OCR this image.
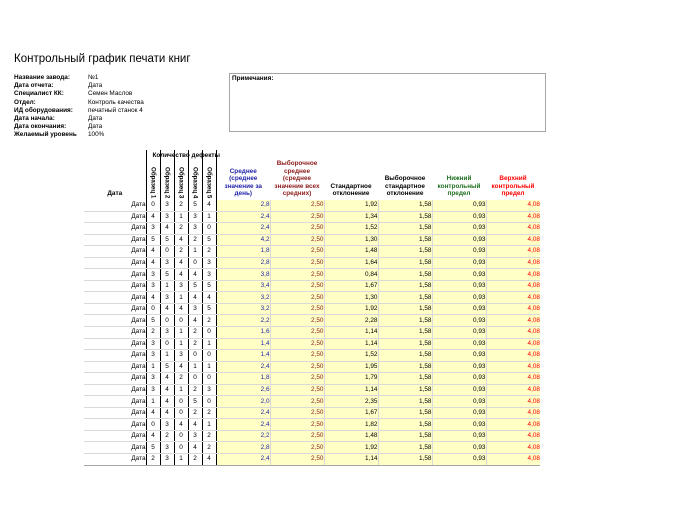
Контрольный график печати книг
Название завода:	№1
Дата отчета:	Дата
Специалист КК:	Семен Маслов
Отдел:	Контроль качества
ИД оборудования: печатный станок 4
Дата начала:	Дата
Дата окончания:	Дата
Желаемый уровень 100%
Примечания:
Дата	Количество дефекты
Образец 1	Образец 2	Образец 3	Образец 4	Образец 5	Среднее (среднее значение за день)	Выборочное среднее (среднее значение всех средних)	Стандартное отклонение	Выборочное стандартное отклонение	Нижний контрольный предел	Верхний контрольный предел
Дата	0	3	2	5	4	2,8	2,50	1,92	1,58	0,93	4,08
Дата	4	3	1	3	1	2,4	2,50	1,34	1,58	0,93	4,08
Дата	3	4	2	3	0	2,4	2,50	1,52	1,58	0,93	4,08
Дата	5	5	4	2	5	4,2	2,50	1,30	1,58	0,93	4,08
Дата	4	0	2	1	2	1,8	2,50	1,48	1,58	0,93	4,08
Дата	4	3	4	0	3	2,8	2,50	1,64	1,58	0,93	4,08
Дата	3	5	4	4	3	3,8	2,50	0,84	1,58	0,93	4,08
Дата	3	1	3	5	5	3,4	2,50	1,67	1,58	0,93	4,08
Дата	4	3	1	4	4	3,2	2,50	1,30	1,58	0,93	4,08
Дата	0	4	4	3	5	3,2	2,50	1,92	1,58	0,93	4,08
Дата	5	0	0	4	2	2,2	2,50	2,28	1,58	0,93	4,08
Дата	2	3	1	2	0	1,6	2,50	1,14	1,58	0,93	4,08
Дата	3	0	1	2	1	1,4	2,50	1,14	1,58	0,93	4,08
Дата	3	1	3	0	0	1,4	2,50	1,52	1,58	0,93	4,08
Дата	1	5	4	1	1	2,4	2,50	1,95	1,58	0,93	4,08
Дата	3	4	2	0	0	1,8	2,50	1,79	1,58	0,93	4,08
Дата	3	4	1	2	3	2,6	2,50	1,14	1,58	0,93	4,08
Дата	1	4	0	5	0	2,0	2,50	2,35	1,58	0,93	4,08
Дата	4	4	0	2	2	2,4	2,50	1,67	1,58	0,93	4,08
Дата	0	3	4	4	1	2,4	2,50	1,82	1,58	0,93	4,08
Дата	4	2	0	3	2	2,2	2,50	1,48	1,58	0,93	4,08
Дата	5	3	0	4	2	2,8	2,50	1,92	1,58	0,93	4,08
Дата	2	3	1	2	4	2,4	2,50	1,14	1,58	0,93	4,08
